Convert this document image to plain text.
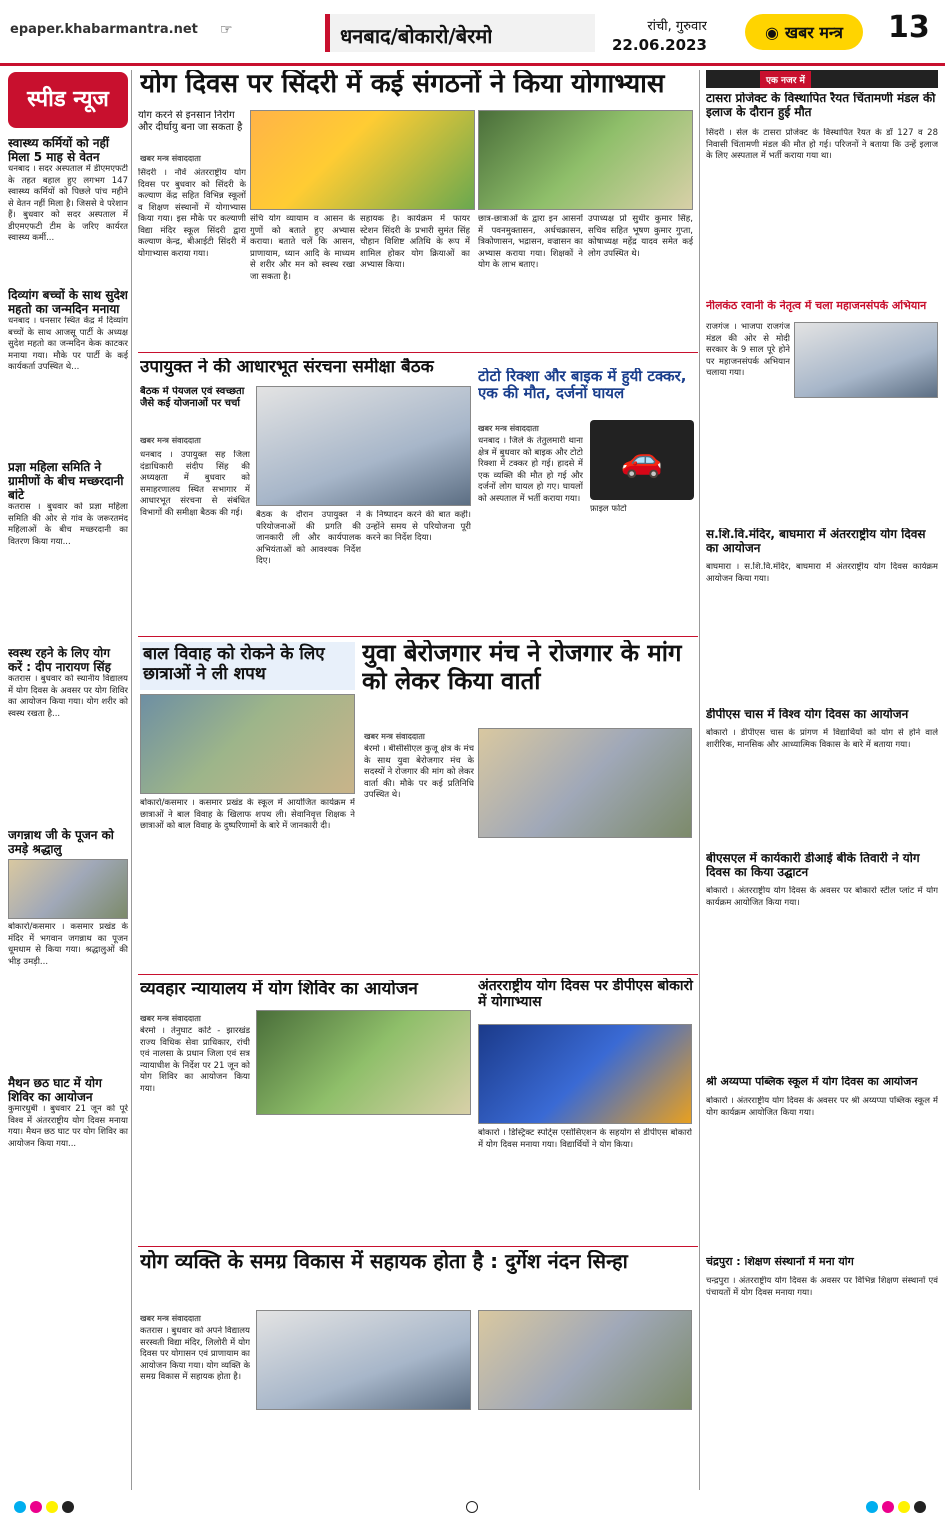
epaper.khabarmantra.net ☞	धनबाद/बोकारो/बेरमो	रांची, गुरुवार
22.06.2023
◉ खबर मन्त्र 13
स्पीड न्यूज
स्वास्थ्य कर्मियों को नहीं मिला 5 माह से वेतन
धनबाद । सदर अस्पताल में डीएमएफटी के तहत बहाल हुए लगभग 147 स्वास्थ्य कर्मियों को पिछले पांच महीने से वेतन नहीं मिला है। जिससे वे परेशान हैं। बुधवार को सदर अस्पताल में डीएमएफटी टीम के जरिए कार्यरत स्वास्थ्य कर्मी...
दिव्यांग बच्चों के साथ सुदेश महतो का जन्मदिन मनाया
धनबाद । धनसार स्थित केंद्र में दिव्यांग बच्चों के साथ आजसू पार्टी के अध्यक्ष सुदेश महतो का जन्मदिन केक काटकर मनाया गया। मौके पर पार्टी के कई कार्यकर्ता उपस्थित थे...
प्रज्ञा महिला समिति ने ग्रामीणों के बीच मच्छरदानी बांटे
कतरास । बुधवार को प्रज्ञा महिला समिति की ओर से गांव के जरूरतमंद महिलाओं के बीच मच्छरदानी का वितरण किया गया...
स्वस्थ रहने के लिए योग करें : दीप नारायण सिंह
कतरास । बुधवार को स्थानीय विद्यालय में योग दिवस के अवसर पर योग शिविर का आयोजन किया गया। योग शरीर को स्वस्थ रखता है...
जगन्नाथ जी के पूजन को उमड़े श्रद्धालु
बोकारो/कसमार । कसमार प्रखंड के मंदिर में भगवान जगन्नाथ का पूजन धूमधाम से किया गया। श्रद्धालुओं की भीड़ उमड़ी...
मैथन छठ घाट में योग शिविर का आयोजन
कुमारधुबी । बुधवार 21 जून को पूरे विश्व में अंतरराष्ट्रीय योग दिवस मनाया गया। मैथन छठ घाट पर योग शिविर का आयोजन किया गया...
योग दिवस पर सिंदरी में कई संगठनों ने किया योगाभ्यास
योग करने से इनसान निरोग और दीर्घायु बना जा सकता है
खबर मन्त्र संवाददाता
सिंदरी । नौवें अंतरराष्ट्रीय योग दिवस पर बुधवार को सिंदरी के कल्याण केंद्र सहित विभिन्न स्कूलों व शिक्षण संस्थानों में योगाभ्यास किया गया। इस मौके पर कल्याणी विद्या मंदिर स्कूल सिंदरी द्वारा कल्याण केन्द्र, बीआईटी सिंदरी में योगाभ्यास कराया गया।
संचि योग व्यायाम व आसन के गुणों को बताते हुए अभ्यास कराया। बताते चलें कि आसन, प्राणायाम, ध्यान आदि के माध्यम से शरीर और मन को स्वस्थ रखा जा सकता है।
सहायक है। कार्यक्रम में फायर स्टेशन सिंदरी के प्रभारी सुमंत सिंह चौहान विशिष्ट अतिथि के रूप में शामिल होकर योग क्रियाओं का अभ्यास किया।
छात्र-छात्राओं के द्वारा इन आसनों में पवनमुक्तासन, अर्धचक्रासन, त्रिकोणासन, भद्रासन, वज्रासन का अभ्यास कराया गया। शिक्षकों ने योग के लाभ बताए।
उपाध्यक्ष प्रो सुधीर कुमार सिंह, सचिव सहित भूषण कुमार गुप्ता, कोषाध्यक्ष महेंद्र यादव समेत कई लोग उपस्थित थे।
उपायुक्त ने की आधारभूत संरचना समीक्षा बैठक
बैठक में पेयजल एवं स्वच्छता जैसे कई योजनाओं पर चर्चा
खबर मन्त्र संवाददाता
धनबाद । उपायुक्त सह जिला दंडाधिकारी संदीप सिंह की अध्यक्षता में बुधवार को समाहरणालय स्थित सभागार में आधारभूत संरचना से संबंधित विभागों की समीक्षा बैठक की गई।	बैठक के दौरान उपायुक्त ने परियोजनाओं की प्रगति की जानकारी ली और कार्यपालक अभियंताओं को आवश्यक निर्देश दिए।
के निष्पादन करने की बात कही। उन्होंने समय से परियोजना पूरी करने का निर्देश दिया।
टोटो रिक्शा और बाइक में हुयी टक्कर, एक की मौत, दर्जनों घायल
खबर मन्त्र संवाददाता
धनबाद । जिले के तेतुलमारी थाना क्षेत्र में बुधवार को बाइक और टोटो रिक्शा में टक्कर हो गई। हादसे में एक व्यक्ति की मौत हो गई और दर्जनों लोग घायल हो गए। घायलों को अस्पताल में भर्ती कराया गया।
🚗
फ़ाइल फोटो
बाल विवाह को रोकने के लिए छात्राओं ने ली शपथ
बोकारो/कसमार । कसमार प्रखंड के स्कूल में आयोजित कार्यक्रम में छात्राओं ने बाल विवाह के खिलाफ शपथ ली। सेवानिवृत्त शिक्षक ने छात्राओं को बाल विवाह के दुष्परिणामों के बारे में जानकारी दी।
युवा बेरोजगार मंच ने रोजगार के मांग को लेकर किया वार्ता
खबर मन्त्र संवाददाता
बेरमो । बीसीसीएल कुजू क्षेत्र के मंच के साथ युवा बेरोजगार मंच के सदस्यों ने रोजगार की मांग को लेकर वार्ता की। मौके पर कई प्रतिनिधि उपस्थित थे।
व्यवहार न्यायालय में योग शिविर का आयोजन
खबर मन्त्र संवाददाता
बेरमो । तेनुघाट कोर्ट - झारखंड राज्य विधिक सेवा प्राधिकार, रांची एवं नालसा के प्रधान जिला एवं सत्र न्यायाधीश के निर्देश पर 21 जून को योग शिविर का आयोजन किया गया।
अंतरराष्ट्रीय योग दिवस पर डीपीएस बोकारो में योगाभ्यास
बोकारो । डिस्ट्रिक्ट स्पोर्ट्स एसोसिएशन के सहयोग से डीपीएस बोकारो में योग दिवस मनाया गया। विद्यार्थियों ने योग किया।
योग व्यक्ति के समग्र विकास में सहायक होता है : दुर्गेश नंदन सिन्हा
खबर मन्त्र संवाददाता
कतरास । बुधवार को अपने विद्यालय सरस्वती विद्या मंदिर, लिलोरी में योग दिवस पर योगासन एवं प्राणायाम का आयोजन किया गया। योग व्यक्ति के समग्र विकास में सहायक होता है।
एक नजर में
टासरा प्रोजेक्ट के विस्थापित रैयत चिंतामणी मंडल की इलाज के दौरान हुई मौत
सिंदरी । सेल के टासरा प्रोजेक्ट के विस्थापित रैयत के डॉ 127 व 28 निवासी चिंतामणी मंडल की मौत हो गई। परिजनों ने बताया कि उन्हें इलाज के लिए अस्पताल में भर्ती कराया गया था।
नीलकंठ रवानी के नेतृत्व में चला महाजनसंपर्क अभियान
राजगंज । भाजपा राजगंज मंडल की ओर से मोदी सरकार के 9 साल पूरे होने पर महाजनसंपर्क अभियान चलाया गया।
स.शि.वि.मंदिर, बाघमारा में अंतरराष्ट्रीय योग दिवस का आयोजन
बाघमारा । स.शि.वि.मंदिर, बाघमारा में अंतरराष्ट्रीय योग दिवस कार्यक्रम आयोजन किया गया।
डीपीएस चास में विश्व योग दिवस का आयोजन
बोकारो । डीपीएस चास के प्रांगण में विद्यार्थियों को योग से होने वाले शारीरिक, मानसिक और आध्यात्मिक विकास के बारे में बताया गया।
बीएसएल में कार्यकारी डीआई बीके तिवारी ने योग दिवस का किया उद्घाटन
बोकारो । अंतरराष्ट्रीय योग दिवस के अवसर पर बोकारो स्टील प्लांट में योग कार्यक्रम आयोजित किया गया।
श्री अय्यप्पा पब्लिक स्कूल में योग दिवस का आयोजन
बोकारो । अंतरराष्ट्रीय योग दिवस के अवसर पर श्री अय्यप्पा पब्लिक स्कूल में योग कार्यक्रम आयोजित किया गया।
चंद्रपुरा : शिक्षण संस्थानों में मना योग
चन्द्रपुरा । अंतरराष्ट्रीय योग दिवस के अवसर पर विभिन्न शिक्षण संस्थानों एवं पंचायतों में योग दिवस मनाया गया।
